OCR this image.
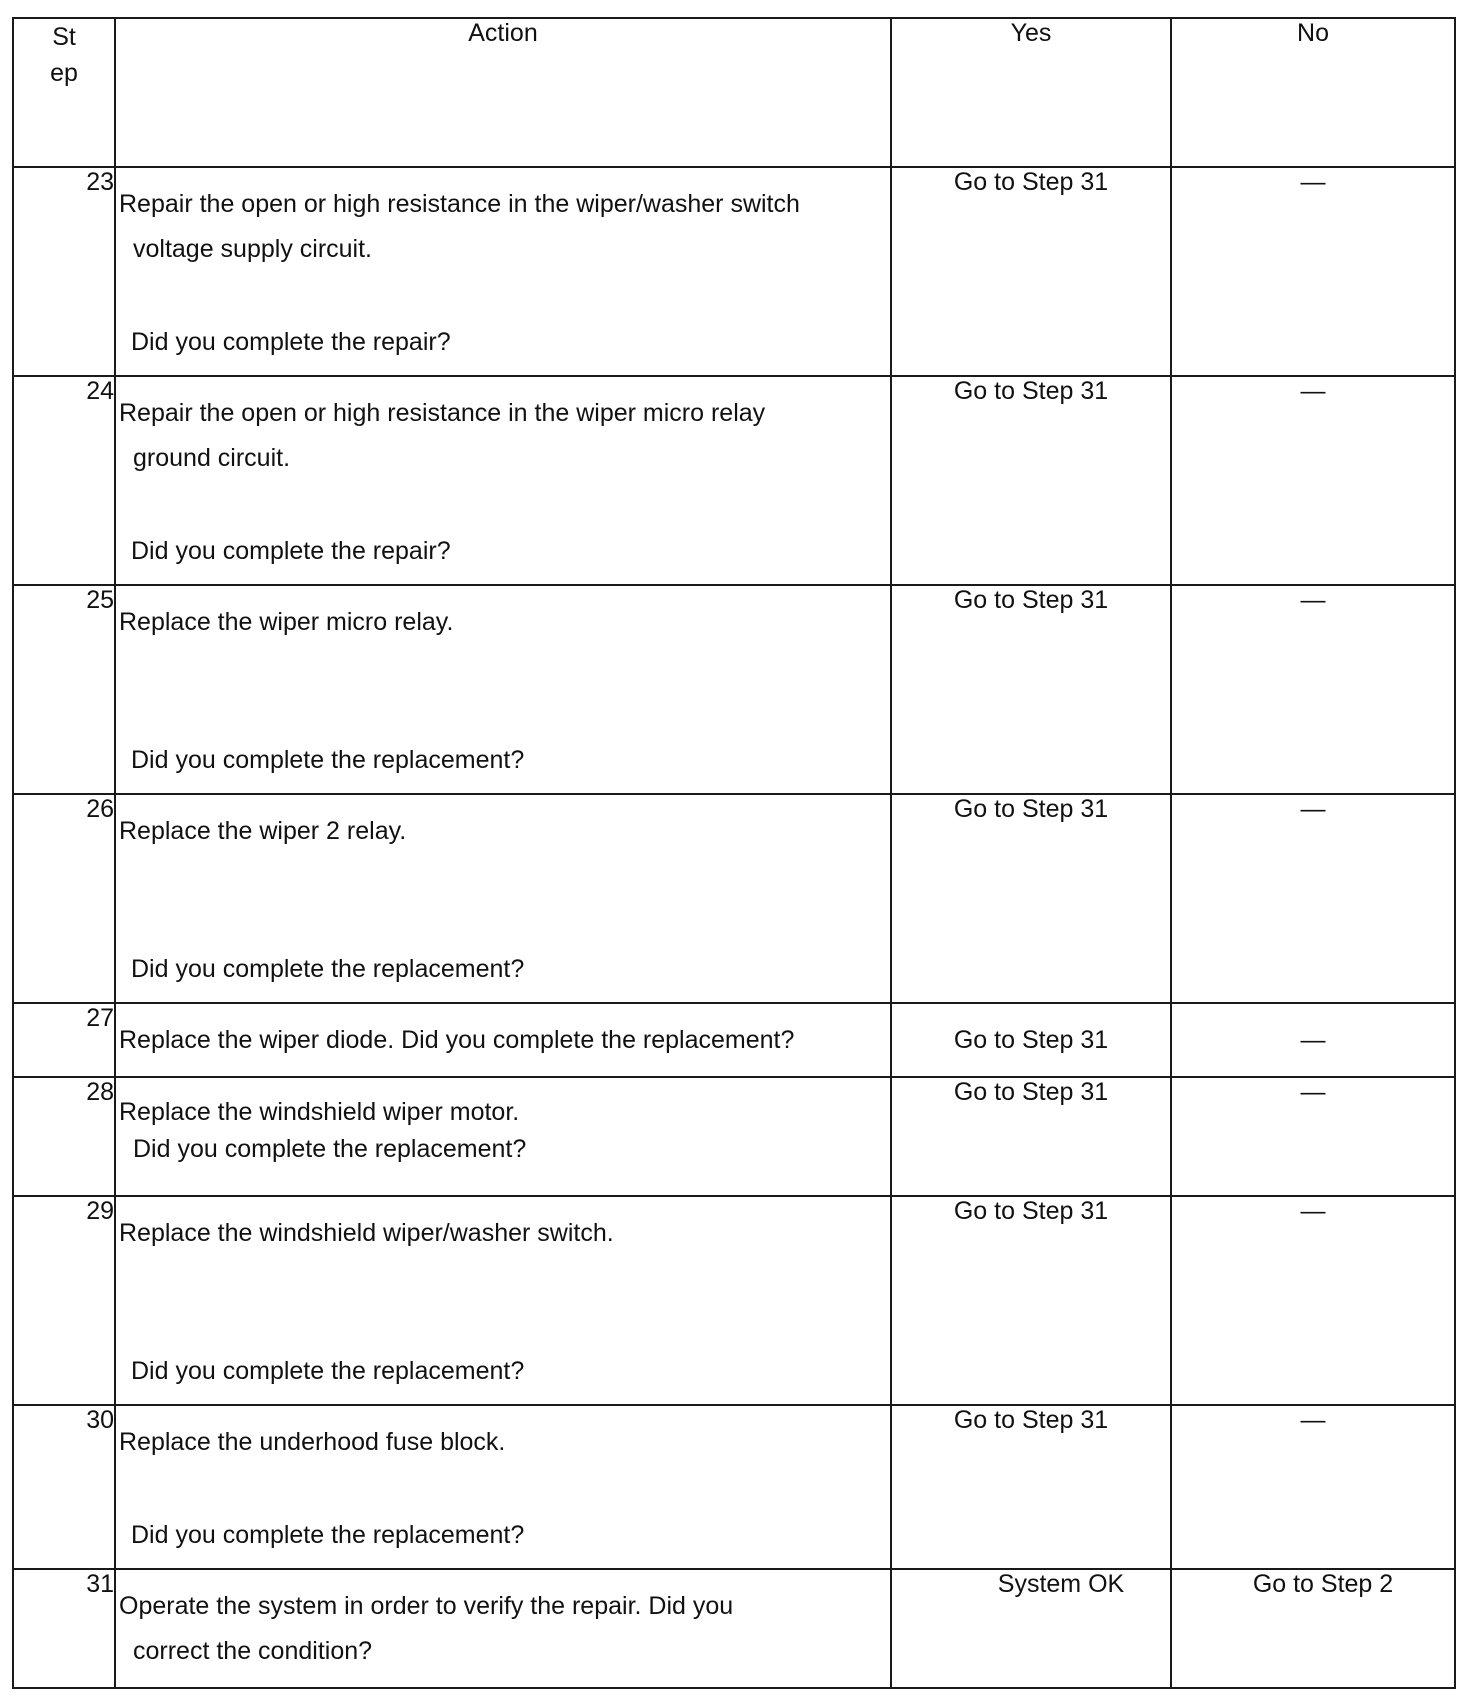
St
ep	Action	Yes	No
23	Repair the open or high resistance in the wiper/washer switch
voltage supply circuit.
Did you complete the repair?	Go to Step 31	—
24	Repair the open or high resistance in the wiper micro relay
ground circuit.
Did you complete the repair?	Go to Step 31	—
25	Replace the wiper micro relay.
Did you complete the replacement?	Go to Step 31	—
26	Replace the wiper 2 relay.
Did you complete the replacement?	Go to Step 31	—
27	Replace the wiper diode. Did you complete the replacement?	Go to Step 31	—
28	Replace the windshield wiper motor.
Did you complete the replacement?	Go to Step 31	—
29	Replace the windshield wiper/washer switch.
Did you complete the replacement?	Go to Step 31	—
30	Replace the underhood fuse block.
Did you complete the replacement?	Go to Step 31	—
31	Operate the system in order to verify the repair. Did you
correct the condition?	System OK	Go to Step 2
